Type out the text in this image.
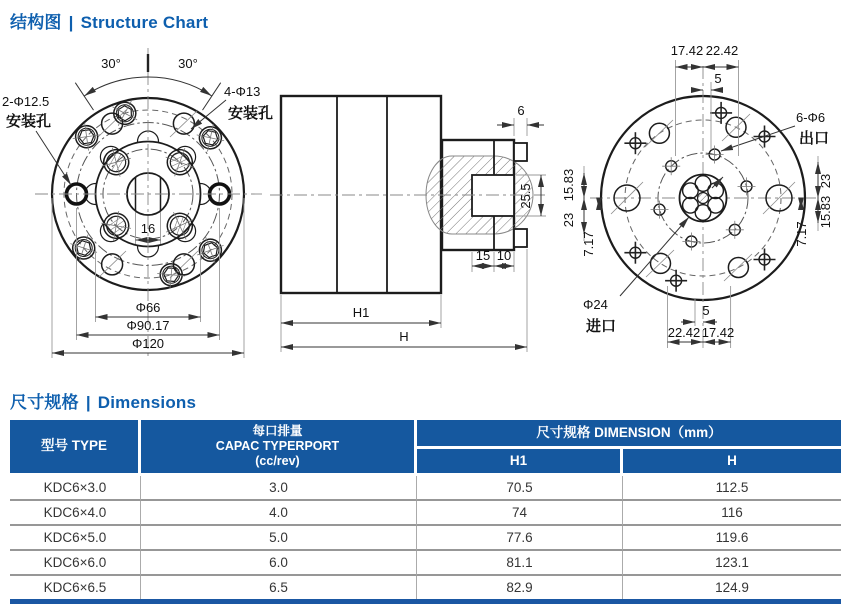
结构图 | Structure Chart
30°	30°
2-Φ12.5
安装孔
4-Φ13
安装孔
16
Φ66
Φ90.17
Φ120
6
25.5
15 10
H1
H
6-Φ6
出口
Φ24
进口
17.42 22.42
5
15.83
23
7.17
23
15.83
7.17
5
22.42 17.42
尺寸规格 | Dimensions
型号 TYPE	每口排量
CAPAC TYPERPORT
(cc/rev)	尺寸规格 DIMENSION（mm）	
		H1	H
KDC6×3.0	3.0	70.5	112.5
KDC6×4.0	4.0	74	116
KDC6×5.0	5.0	77.6	119.6
KDC6×6.0	6.0	81.1	123.1
KDC6×6.5	6.5	82.9	124.9
